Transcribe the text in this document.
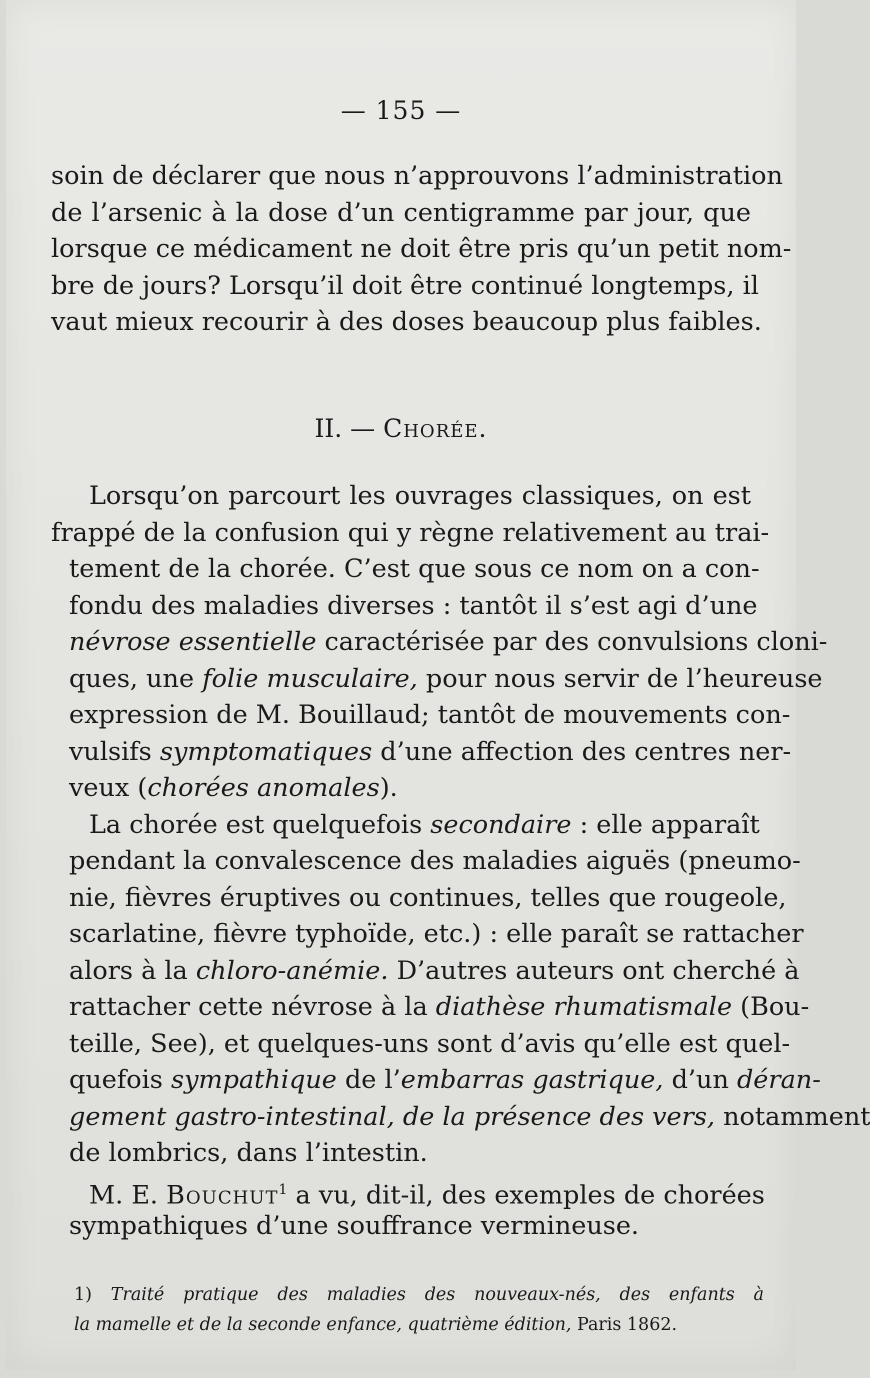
— 155 —
soin de déclarer que nous n’approuvons l’administration
de l’arsenic à la dose d’un centigramme par jour, que
lorsque ce médicament ne doit être pris qu’un petit nom-
bre de jours? Lorsqu’il doit être continué longtemps, il
vaut mieux recourir à des doses beaucoup plus faibles.
II. — Chorée.
Lorsqu’on parcourt les ouvrages classiques, on est
frappé de la confusion qui y règne relativement au trai-
tement de la chorée. C’est que sous ce nom on a con-
fondu des maladies diverses : tantôt il s’est agi d’une
névrose essentielle caractérisée par des convulsions cloni-
ques, une folie musculaire, pour nous servir de l’heureuse
expression de M. Bouillaud; tantôt de mouvements con-
vulsifs symptomatiques d’une affection des centres ner-
veux (chorées anomales).
La chorée est quelquefois secondaire : elle apparaît
pendant la convalescence des maladies aiguës (pneumo-
nie, fièvres éruptives ou continues, telles que rougeole,
scarlatine, fièvre typhoïde, etc.) : elle paraît se rattacher
alors à la chloro-anémie. D’autres auteurs ont cherché à
rattacher cette névrose à la diathèse rhumatismale (Bou-
teille, See), et quelques-uns sont d’avis qu’elle est quel-
quefois sympathique de l’embarras gastrique, d’un déran-
gement gastro-intestinal, de la présence des vers, notamment
de lombrics, dans l’intestin.
M. E. Bouchut$^1$ a vu, dit-il, des exemples de chorées
sympathiques d’une souffrance vermineuse.
1) Traité pratique des maladies des nouveaux-nés, des enfants à
la mamelle et de la seconde enfance, quatrième édition, Paris 1862.
